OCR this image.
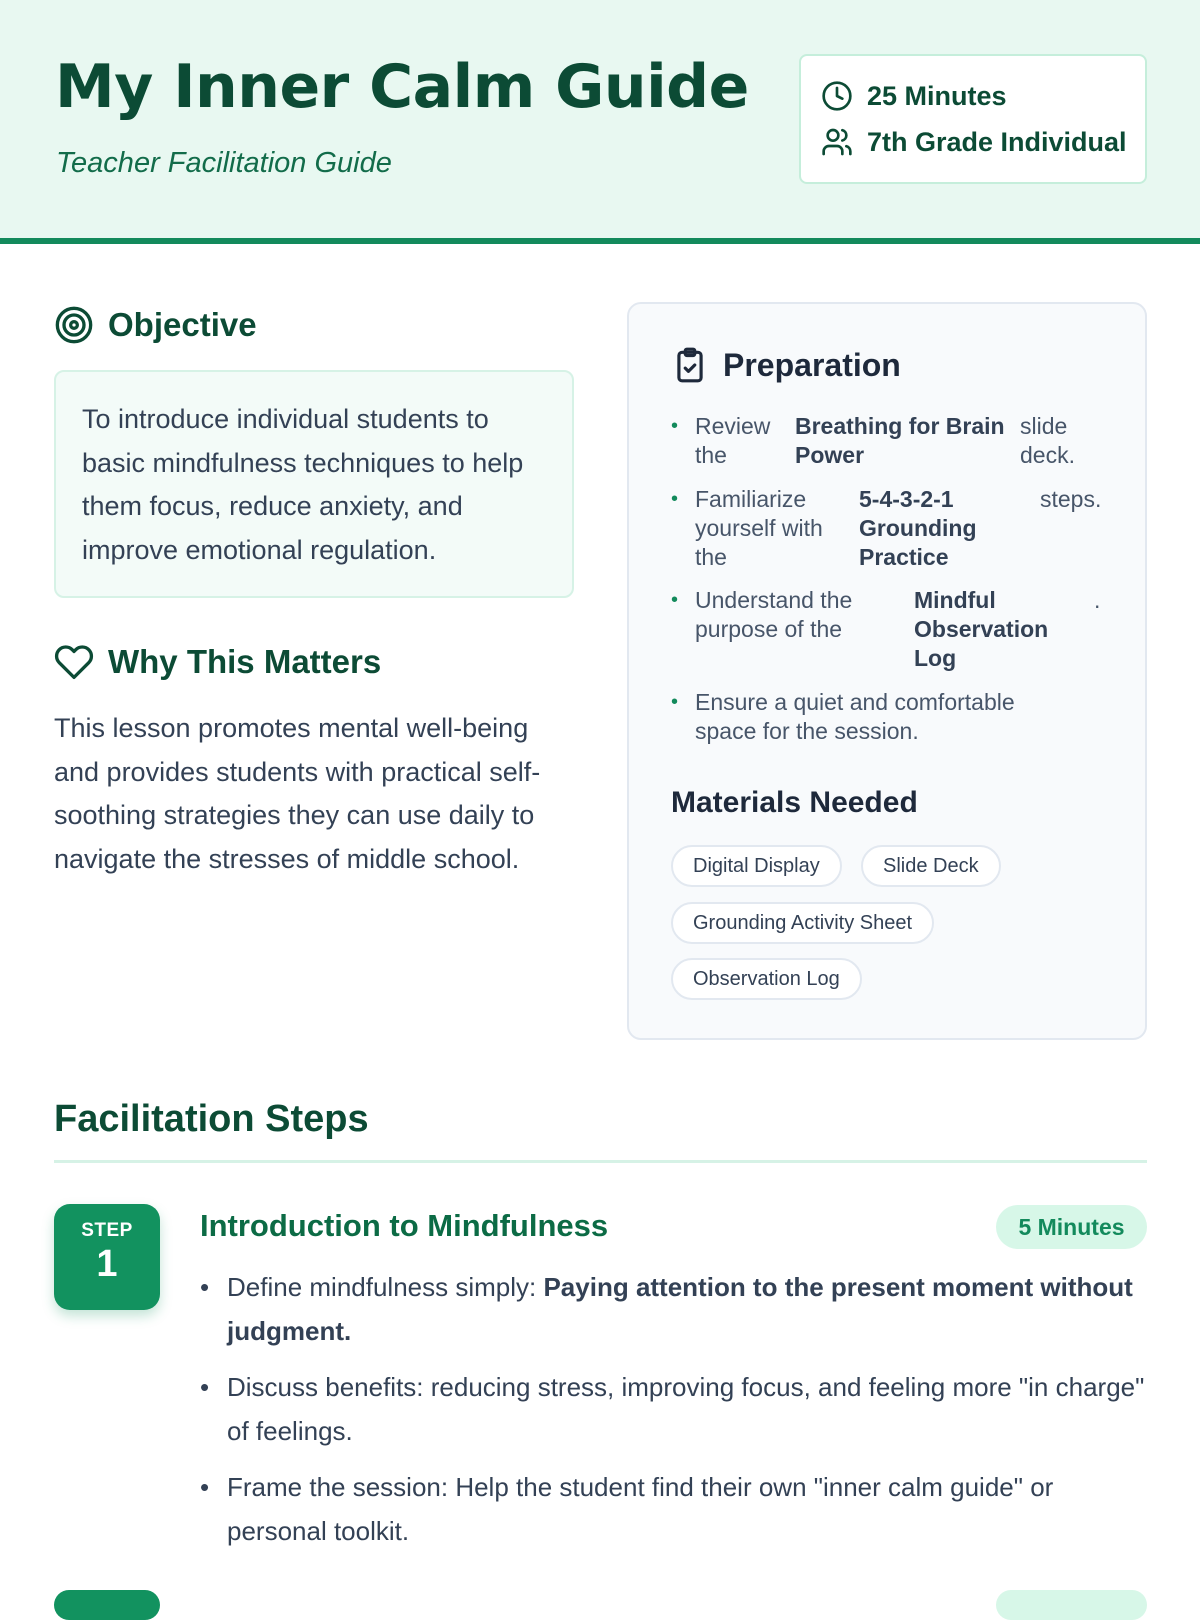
My Inner Calm Guide
Teacher Facilitation Guide
25 Minutes
7th Grade Individual
Objective
To introduce individual students to basic mindfulness techniques to help them focus, reduce anxiety, and improve emotional regulation.
Why This Matters
This lesson promotes mental well-being and provides students with practical self-soothing strategies they can use daily to navigate the stresses of middle school.
Preparation
• Review the
Breathing for Brain Power
slide deck.
• Familiarize yourself with the
5-4-3-2-1 Grounding Practice
steps.
• Understand the purpose of the
Mindful Observation Log
.
• Ensure a quiet and comfortable space for the session.
Materials Needed
Digital Display	Slide Deck
Grounding Activity Sheet
Observation Log
Facilitation Steps
STEP
1
Introduction to Mindfulness	5 Minutes
• Define mindfulness simply: Paying attention to the present moment without judgment.
• Discuss benefits: reducing stress, improving focus, and feeling more "in charge" of feelings.
• Frame the session: Help the student find their own "inner calm guide" or personal toolkit.
